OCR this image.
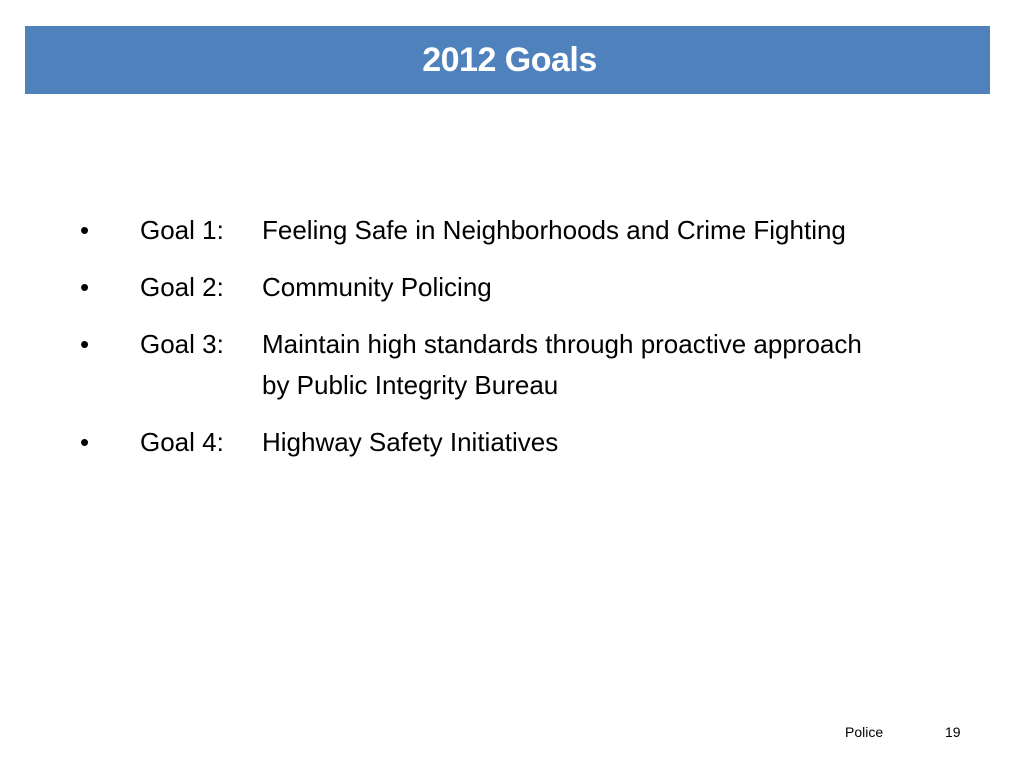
2012 Goals
• Goal 1: Feeling Safe in Neighborhoods and Crime Fighting
• Goal 2: Community Policing
• Goal 3: Maintain high standards through proactive approach by Public Integrity Bureau
• Goal 4: Highway Safety Initiatives
Police	19
